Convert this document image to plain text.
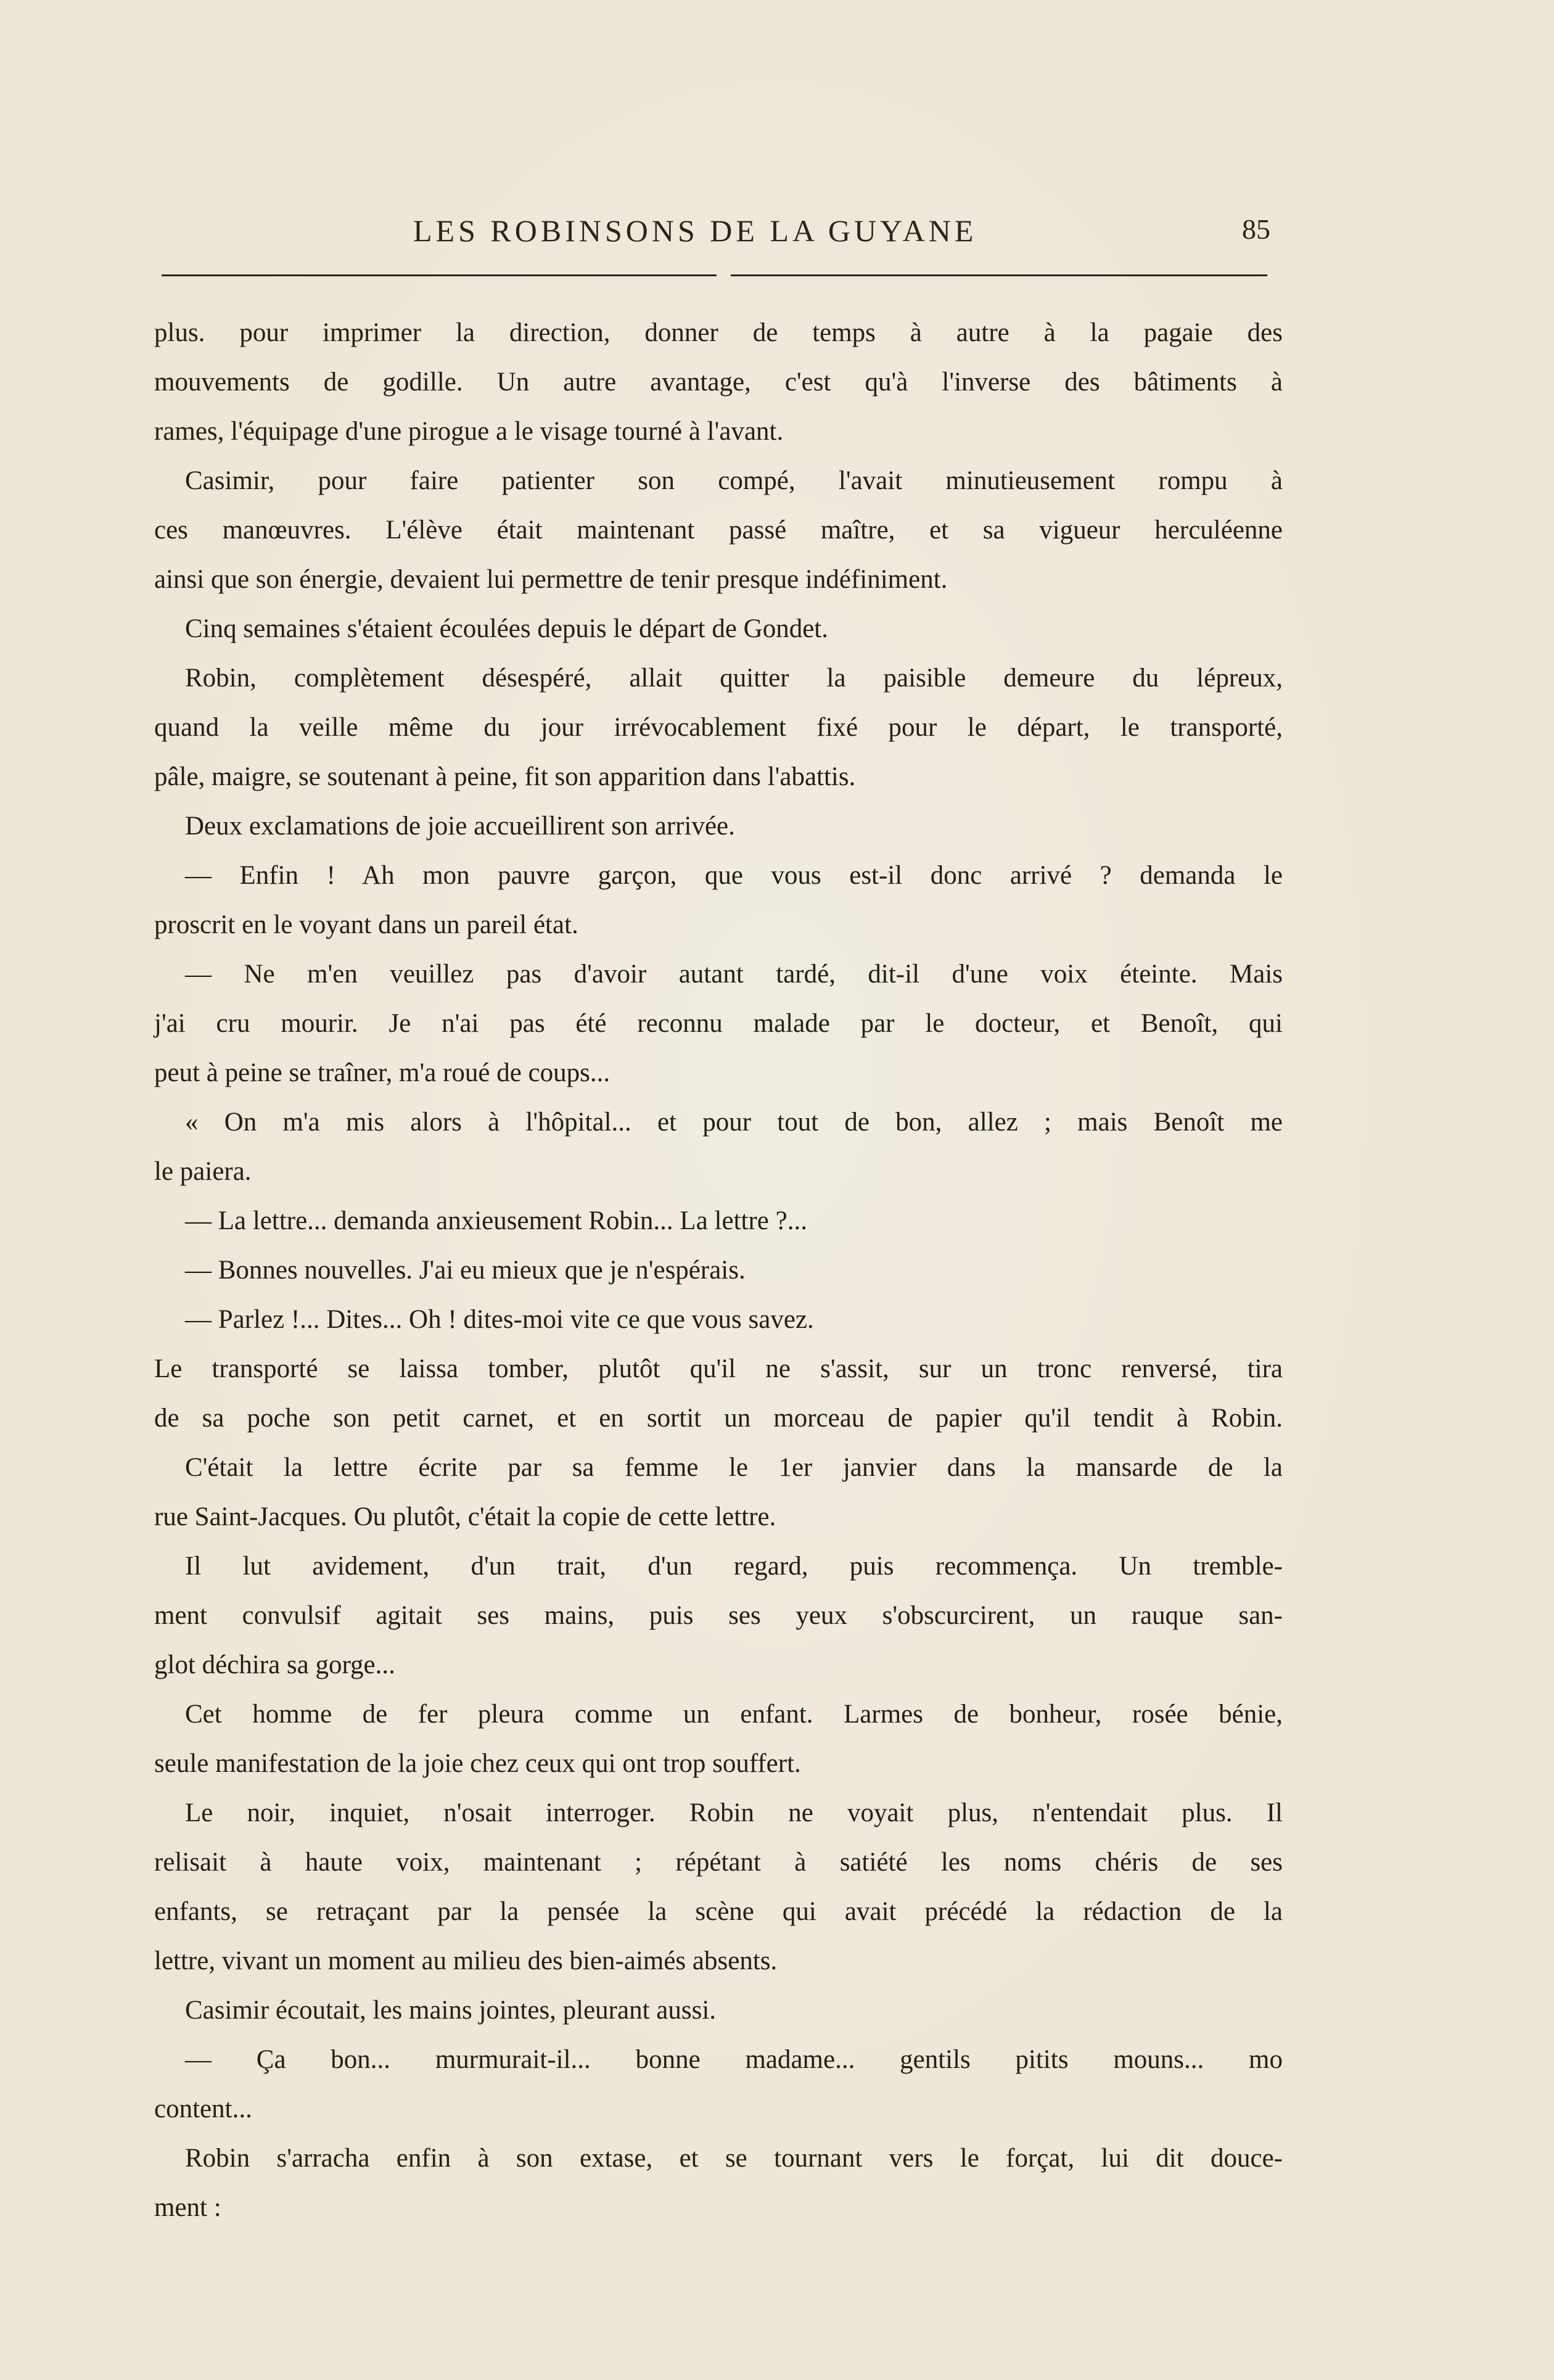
LES ROBINSONS DE LA GUYANE	85
plus. pour imprimer la direction, donner de temps à autre à la pagaie des
mouvements de godille. Un autre avantage, c'est qu'à l'inverse des bâtiments à
rames, l'équipage d'une pirogue a le visage tourné à l'avant.
Casimir, pour faire patienter son compé, l'avait minutieusement rompu à
ces manœuvres. L'élève était maintenant passé maître, et sa vigueur herculéenne
ainsi que son énergie, devaient lui permettre de tenir presque indéfiniment.
Cinq semaines s'étaient écoulées depuis le départ de Gondet.
Robin, complètement désespéré, allait quitter la paisible demeure du lépreux,
quand la veille même du jour irrévocablement fixé pour le départ, le transporté,
pâle, maigre, se soutenant à peine, fit son apparition dans l'abattis.
Deux exclamations de joie accueillirent son arrivée.
— Enfin ! Ah mon pauvre garçon, que vous est-il donc arrivé ? demanda le
proscrit en le voyant dans un pareil état.
— Ne m'en veuillez pas d'avoir autant tardé, dit-il d'une voix éteinte. Mais
j'ai cru mourir. Je n'ai pas été reconnu malade par le docteur, et Benoît, qui
peut à peine se traîner, m'a roué de coups...
« On m'a mis alors à l'hôpital... et pour tout de bon, allez ; mais Benoît me
le paiera.
— La lettre... demanda anxieusement Robin... La lettre ?...
— Bonnes nouvelles. J'ai eu mieux que je n'espérais.
— Parlez !... Dites... Oh ! dites-moi vite ce que vous savez.
Le transporté se laissa tomber, plutôt qu'il ne s'assit, sur un tronc renversé, tira
de sa poche son petit carnet, et en sortit un morceau de papier qu'il tendit à Robin.
C'était la lettre écrite par sa femme le 1er janvier dans la mansarde de la
rue Saint-Jacques. Ou plutôt, c'était la copie de cette lettre.
Il lut avidement, d'un trait, d'un regard, puis recommença. Un tremble-
ment convulsif agitait ses mains, puis ses yeux s'obscurcirent, un rauque san-
glot déchira sa gorge...
Cet homme de fer pleura comme un enfant. Larmes de bonheur, rosée bénie,
seule manifestation de la joie chez ceux qui ont trop souffert.
Le noir, inquiet, n'osait interroger. Robin ne voyait plus, n'entendait plus. Il
relisait à haute voix, maintenant ; répétant à satiété les noms chéris de ses
enfants, se retraçant par la pensée la scène qui avait précédé la rédaction de la
lettre, vivant un moment au milieu des bien-aimés absents.
Casimir écoutait, les mains jointes, pleurant aussi.
— Ça bon... murmurait-il... bonne madame... gentils pitits mouns... mo
content...
Robin s'arracha enfin à son extase, et se tournant vers le forçat, lui dit douce-
ment :
